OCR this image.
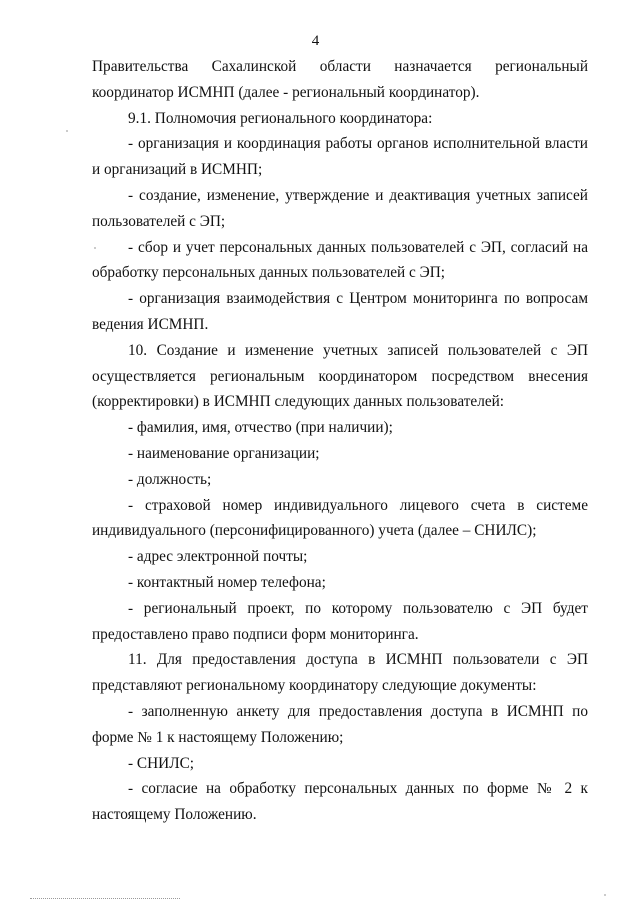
4

Правительства Сахалинской области назначается региональный координатор ИСМНП (далее - региональный координатор).

9.1. Полномочия регионального координатора:

- организация и координация работы органов исполнительной власти и организаций в ИСМНП;

- создание, изменение, утверждение и деактивация учетных записей пользователей с ЭП;

- сбор и учет персональных данных пользователей с ЭП, согласий на обработку персональных данных пользователей с ЭП;

- организация взаимодействия с Центром мониторинга по вопросам ведения ИСМНП.

10. Создание и изменение учетных записей пользователей с ЭП осуществляется региональным координатором посредством внесения (корректировки) в ИСМНП следующих данных пользователей:

- фамилия, имя, отчество (при наличии);

- наименование организации;

- должность;

- страховой номер индивидуального лицевого счета в системе индивидуального (персонифицированного) учета (далее – СНИЛС);

- адрес электронной почты;

- контактный номер телефона;

- региональный проект, по которому пользователю с ЭП будет предоставлено право подписи форм мониторинга.

11. Для предоставления доступа в ИСМНП пользователи с ЭП представляют региональному координатору следующие документы:

- заполненную анкету для предоставления доступа в ИСМНП по форме № 1 к настоящему Положению;

- СНИЛС;

- согласие на обработку персональных данных по форме № 2 к настоящему Положению.
